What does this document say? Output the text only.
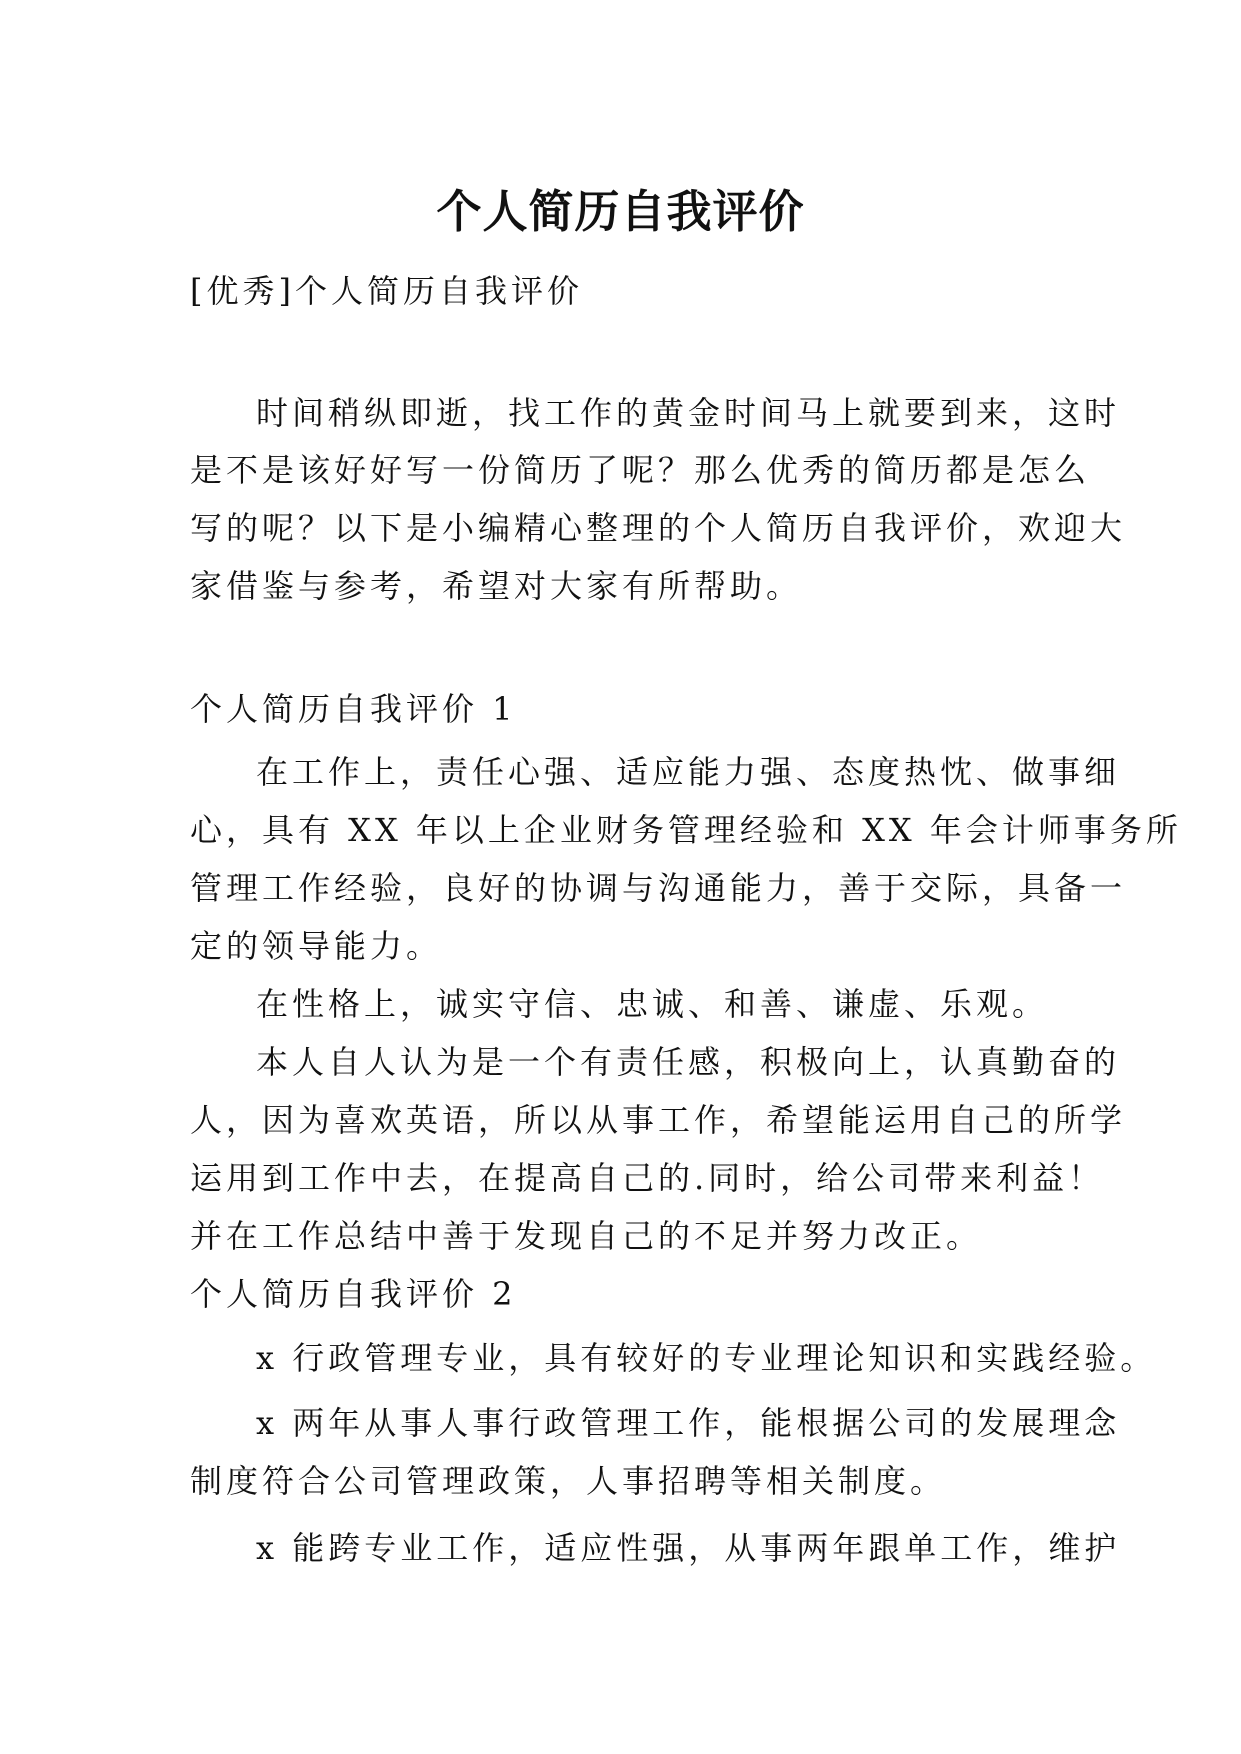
个人简历自我评价

[优秀]个人简历自我评价

时间稍纵即逝，找工作的黄金时间马上就要到来，这时

是不是该好好写一份简历了呢？那么优秀的简历都是怎么

写的呢？以下是小编精心整理的个人简历自我评价，欢迎大

家借鉴与参考，希望对大家有所帮助。

个人简历自我评价 1

在工作上，责任心强、适应能力强、态度热忱、做事细

心，具有 XX 年以上企业财务管理经验和 XX 年会计师事务所

管理工作经验，良好的协调与沟通能力，善于交际，具备一

定的领导能力。

在性格上，诚实守信、忠诚、和善、谦虚、乐观。

本人自人认为是一个有责任感，积极向上，认真勤奋的

人，因为喜欢英语，所以从事工作，希望能运用自己的所学

运用到工作中去，在提高自己的.同时，给公司带来利益！

并在工作总结中善于发现自己的不足并努力改正。

个人简历自我评价 2

x 行政管理专业，具有较好的专业理论知识和实践经验。

x 两年从事人事行政管理工作，能根据公司的发展理念

制度符合公司管理政策，人事招聘等相关制度。

x 能跨专业工作，适应性强，从事两年跟单工作，维护
